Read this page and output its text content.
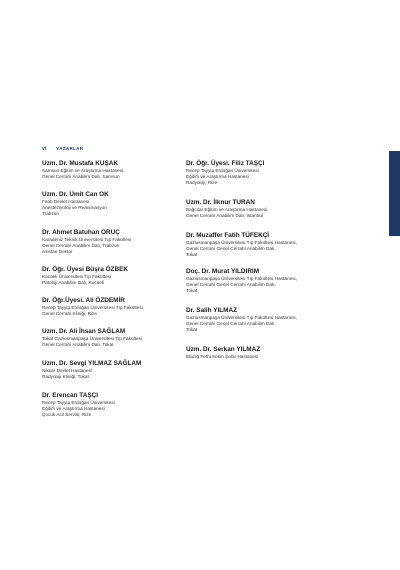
vi YAZARLAR
Uzm. Dr. Mustafa KUŞAK
Samsun Eğitim ve Araştırma Hastanesi,
Genel Cerrahi Anabilim Dalı, Samsun
Uzm. Dr. Ümit Can OK
Fatih Devlet Hastanesi
Anesteziyoloji ve Reanimasyon
Trabzon
Dr. Ahmet Batuhan ORUÇ
Karadeniz Teknik Üniversitesi Tıp Fakültesi
Genel Cerrahi Anabilim Dalı, Trabzon
Asistan Doktor
Dr. Öğr. Üyesi Büşra ÖZBEK
Kocaeli Üniversitesi Tıp Fakültesi
Patoloji Anabilim Dalı, Kocaeli
Dr. Öğr.Üyesi. Ali ÖZDEMİR
Recep Tayyip Erdoğan Üniversitesi Tıp Fakültesi,
Genel Cerrahi Kliniği, Rize
Uzm. Dr. Ali İhsan SAĞLAM
Tokat Gaziosmanpaşa Üniversitesi Tıp Fakültesi
Genel Cerrahi Anabilim Dalı, Tokat
Uzm. Dr. Sevgi YILMAZ SAĞLAM
Niksar Devlet Hastanesi
Radyoloji Kliniği, Tokat
Dr. Erencan TAŞÇI
Recep Tayyip Erdoğan Üniversitesi
Eğitim ve Araştırma Hastanesi
Çocuk Acil Servisi, Rize
Dr. Öğr. Üyesi. Filiz TAŞÇI
Recep Tayyip Erdoğan Üniversitesi
Eğitim ve Araştırma Hastanesi
Radyoloji, Rize
Uzm. Dr. İlknur TURAN
Bağcılar Eğitim ve Araştırma Hastanesi,
Genel Cerrahi Anabilim Dalı, İstanbul
Dr. Muzaffer Fatih TÜFEKÇİ
Gaziosmanpaşa Üniversitesi Tıp Fakültesi Hastanesi,
Genel Cerrahi Genel Cerrahi Anabilim Dalı,
Tokat
Doç. Dr. Murat YILDIRIM
Gaziosmanpaşa Üniversitesi Tıp Fakültesi Hastanesi,
Genel Cerrahi Genel Cerrahi Anabilim Dalı,
Tokat
Dr. Salih YILMAZ
Gaziosmanpaşa Üniversitesi Tıp Fakültesi Hastanesi,
Genel Cerrahi Genel Cerrahi Anabilim Dalı,
Tokat
Uzm. Dr. Serkan YILMAZ
Elazığ Fethi Sekin Şehir Hastanesi
